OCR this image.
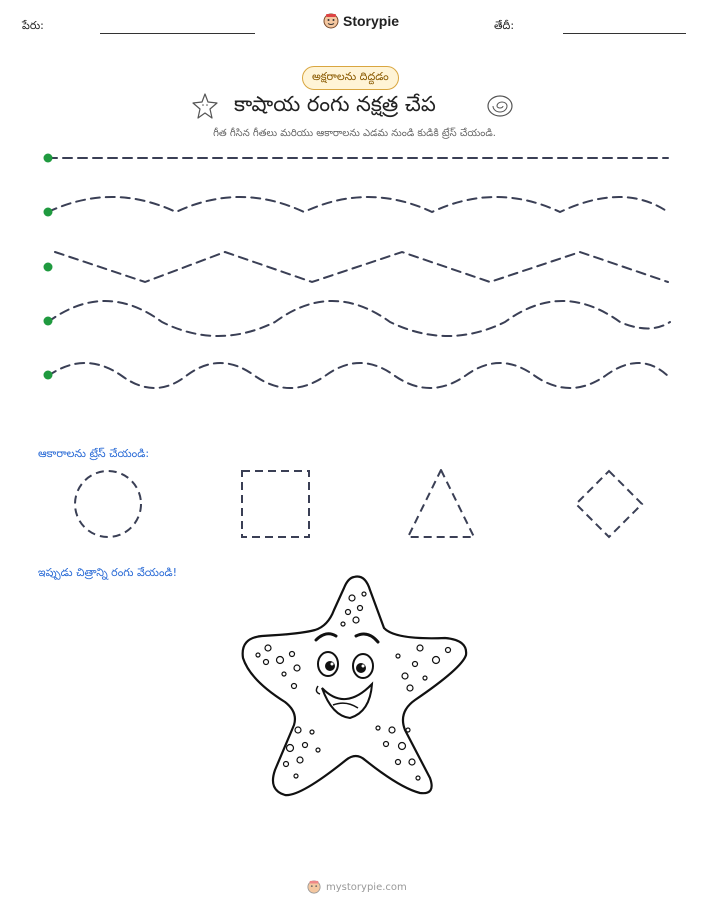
పేరు:	Storypie	తేదీ:
అక్షరాలను దిద్దడం
కాషాయ రంగు నక్షత్ర చేప
గీత గీసిన గీతలు మరియు ఆకారాలను ఎడమ నుండి కుడికి ట్రేస్ చేయండి.
ఆకారాలను ట్రేస్ చేయండి:
ఇప్పుడు చిత్రాన్ని రంగు వేయండి!
mystorypie.com
